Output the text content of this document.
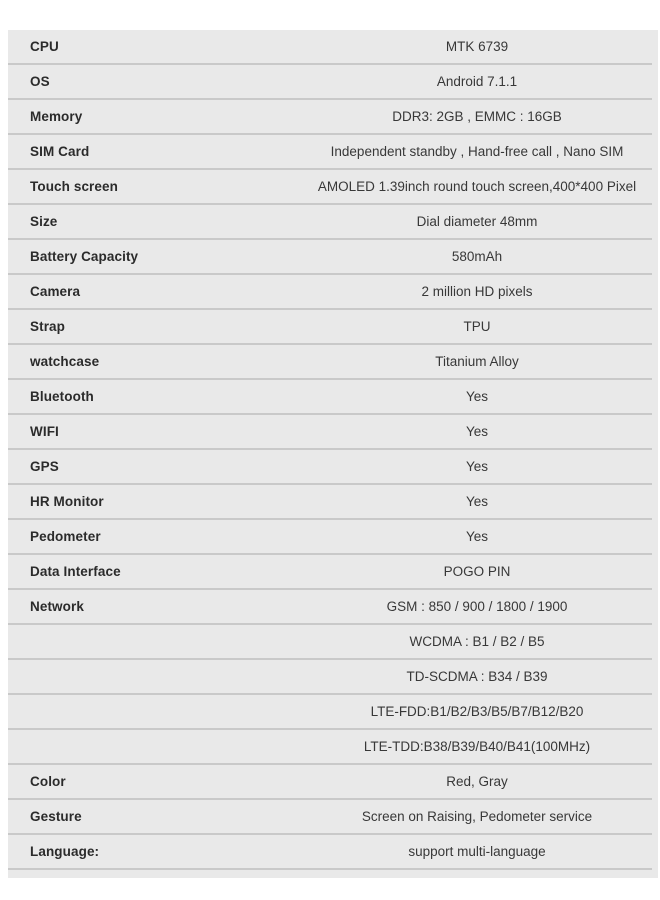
CPU	MTK 6739
OS	Android 7.1.1
Memory	DDR3: 2GB , EMMC : 16GB
SIM Card	Independent standby , Hand-free call , Nano SIM
Touch screen	AMOLED 1.39inch round touch screen,400*400 Pixel
Size	Dial diameter 48mm
Battery Capacity	580mAh
Camera	2 million HD pixels
Strap	TPU
watchcase	Titanium Alloy
Bluetooth	Yes
WIFI	Yes
GPS	Yes
HR Monitor	Yes
Pedometer	Yes
Data Interface	POGO PIN
Network	GSM : 850 / 900 / 1800 / 1900
WCDMA : B1 / B2 / B5
TD-SCDMA : B34 / B39
LTE-FDD:B1/B2/B3/B5/B7/B12/B20
LTE-TDD:B38/B39/B40/B41(100MHz)
Color	Red, Gray
Gesture	Screen on Raising, Pedometer service
Language:	support multi-language
